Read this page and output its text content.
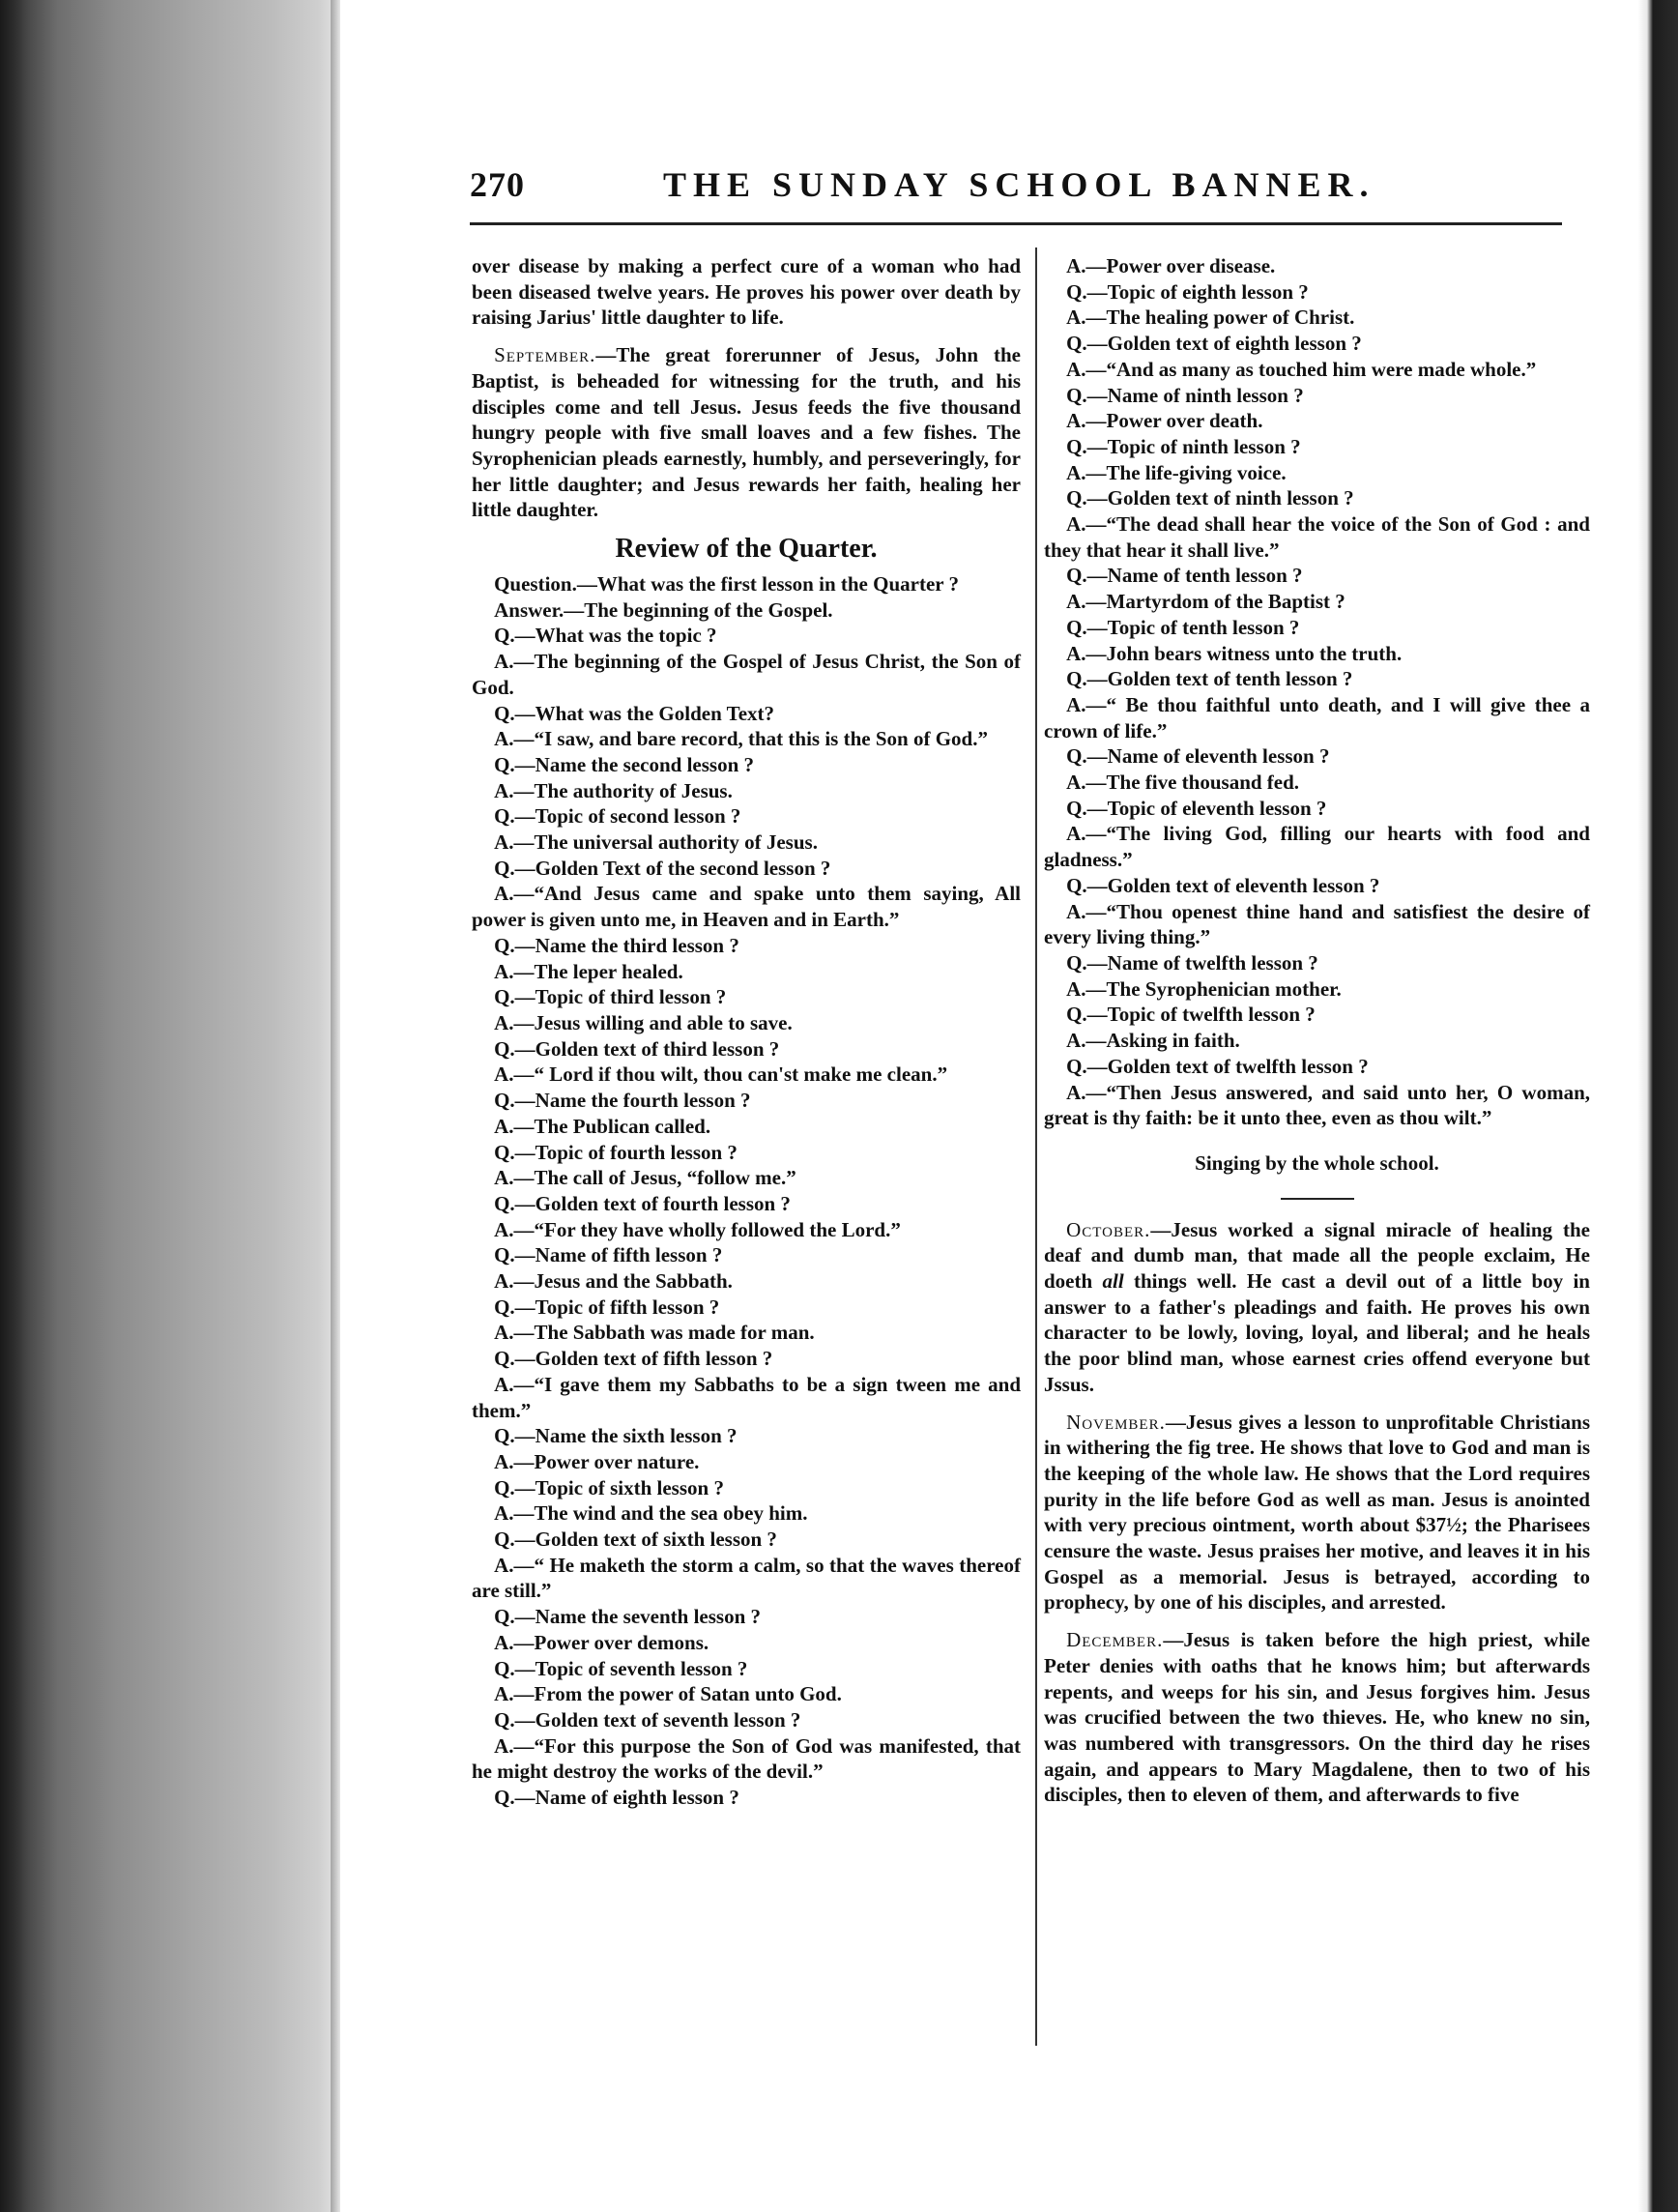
270	THE SUNDAY SCHOOL BANNER.

over disease by making a perfect cure of a woman who had been diseased twelve years. He proves his power over death by raising Jarius' little daughter to life.

September.—The great forerunner of Jesus, John the Baptist, is beheaded for witnessing for the truth, and his disciples come and tell Jesus. Jesus feeds the five thousand hungry people with five small loaves and a few fishes. The Syrophenician pleads earnestly, humbly, and perseveringly, for her little daughter; and Jesus rewards her faith, healing her little daughter.

Review of the Quarter.

Question.—What was the first lesson in the Quarter ?

Answer.—The beginning of the Gospel.

Q.—What was the topic ?

A.—The beginning of the Gospel of Jesus Christ, the Son of God.

Q.—What was the Golden Text?

A.—“I saw, and bare record, that this is the Son of God.”

Q.—Name the second lesson ?

A.—The authority of Jesus.

Q.—Topic of second lesson ?

A.—The universal authority of Jesus.

Q.—Golden Text of the second lesson ?

A.—“And Jesus came and spake unto them saying, All power is given unto me, in Heaven and in Earth.”

Q.—Name the third lesson ?

A.—The leper healed.

Q.—Topic of third lesson ?

A.—Jesus willing and able to save.

Q.—Golden text of third lesson ?

A.—“ Lord if thou wilt, thou can'st make me clean.”

Q.—Name the fourth lesson ?

A.—The Publican called.

Q.—Topic of fourth lesson ?

A.—The call of Jesus, “follow me.”

Q.—Golden text of fourth lesson ?

A.—“For they have wholly followed the Lord.”

Q.—Name of fifth lesson ?

A.—Jesus and the Sabbath.

Q.—Topic of fifth lesson ?

A.—The Sabbath was made for man.

Q.—Golden text of fifth lesson ?

A.—“I gave them my Sabbaths to be a sign tween me and them.”

Q.—Name the sixth lesson ?

A.—Power over nature.

Q.—Topic of sixth lesson ?

A.—The wind and the sea obey him.

Q.—Golden text of sixth lesson ?

A.—“ He maketh the storm a calm, so that the waves thereof are still.”

Q.—Name the seventh lesson ?

A.—Power over demons.

Q.—Topic of seventh lesson ?

A.—From the power of Satan unto God.

Q.—Golden text of seventh lesson ?

A.—“For this purpose the Son of God was manifested, that he might destroy the works of the devil.”

Q.—Name of eighth lesson ?

A.—Power over disease.

Q.—Topic of eighth lesson ?

A.—The healing power of Christ.

Q.—Golden text of eighth lesson ?

A.—“And as many as touched him were made whole.”

Q.—Name of ninth lesson ?

A.—Power over death.

Q.—Topic of ninth lesson ?

A.—The life-giving voice.

Q.—Golden text of ninth lesson ?

A.—“The dead shall hear the voice of the Son of God : and they that hear it shall live.”

Q.—Name of tenth lesson ?

A.—Martyrdom of the Baptist ?

Q.—Topic of tenth lesson ?

A.—John bears witness unto the truth.

Q.—Golden text of tenth lesson ?

A.—“ Be thou faithful unto death, and I will give thee a crown of life.”

Q.—Name of eleventh lesson ?

A.—The five thousand fed.

Q.—Topic of eleventh lesson ?

A.—“The living God, filling our hearts with food and gladness.”

Q.—Golden text of eleventh lesson ?

A.—“Thou openest thine hand and satisfiest the desire of every living thing.”

Q.—Name of twelfth lesson ?

A.—The Syrophenician mother.

Q.—Topic of twelfth lesson ?

A.—Asking in faith.

Q.—Golden text of twelfth lesson ?

A.—“Then Jesus answered, and said unto her, O woman, great is thy faith: be it unto thee, even as thou wilt.”

Singing by the whole school.

October.—Jesus worked a signal miracle of healing the deaf and dumb man, that made all the people exclaim, He doeth all things well. He cast a devil out of a little boy in answer to a father's pleadings and faith. He proves his own character to be lowly, loving, loyal, and liberal; and he heals the poor blind man, whose earnest cries offend everyone but Jssus.

November.—Jesus gives a lesson to unprofitable Christians in withering the fig tree. He shows that love to God and man is the keeping of the whole law. He shows that the Lord requires purity in the life before God as well as man. Jesus is anointed with very precious ointment, worth about $37½; the Pharisees censure the waste. Jesus praises her motive, and leaves it in his Gospel as a memorial. Jesus is betrayed, according to prophecy, by one of his disciples, and arrested.

December.—Jesus is taken before the high priest, while Peter denies with oaths that he knows him; but afterwards repents, and weeps for his sin, and Jesus forgives him. Jesus was crucified between the two thieves. He, who knew no sin, was numbered with transgressors. On the third day he rises again, and appears to Mary Magdalene, then to two of his disciples, then to eleven of them, and afterwards to five
